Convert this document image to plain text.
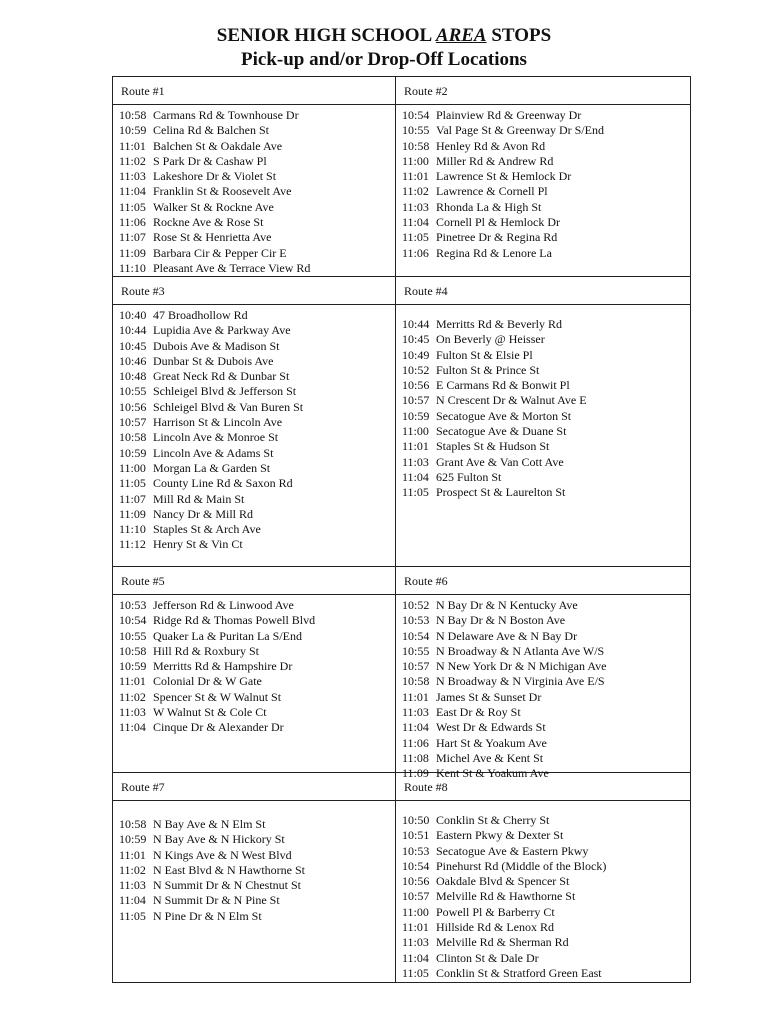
SENIOR HIGH SCHOOL AREA STOPS
Pick-up and/or Drop-Off Locations
Route #1
10:58 Carmans Rd & Townhouse Dr
10:59 Celina Rd & Balchen St
11:01 Balchen St & Oakdale Ave
11:02 S Park Dr & Cashaw Pl
11:03 Lakeshore Dr & Violet St
11:04 Franklin St & Roosevelt Ave
11:05 Walker St & Rockne Ave
11:06 Rockne Ave & Rose St
11:07 Rose St & Henrietta Ave
11:09 Barbara Cir & Pepper Cir E
11:10 Pleasant Ave & Terrace View Rd
Route #2
10:54 Plainview Rd & Greenway Dr
10:55 Val Page St & Greenway Dr S/End
10:58 Henley Rd & Avon Rd
11:00 Miller Rd & Andrew Rd
11:01 Lawrence St & Hemlock Dr
11:02 Lawrence & Cornell Pl
11:03 Rhonda La & High St
11:04 Cornell Pl & Hemlock Dr
11:05 Pinetree Dr & Regina Rd
11:06 Regina Rd & Lenore La
Route #3
10:40 47 Broadhollow Rd
10:44 Lupidia Ave & Parkway Ave
10:45 Dubois Ave & Madison St
10:46 Dunbar St & Dubois Ave
10:48 Great Neck Rd & Dunbar St
10:55 Schleigel Blvd & Jefferson St
10:56 Schleigel Blvd & Van Buren St
10:57 Harrison St & Lincoln Ave
10:58 Lincoln Ave & Monroe St
10:59 Lincoln Ave & Adams St
11:00 Morgan La & Garden St
11:05 County Line Rd & Saxon Rd
11:07 Mill Rd & Main St
11:09 Nancy Dr & Mill Rd
11:10 Staples St & Arch Ave
11:12 Henry St & Vin Ct
Route #4
10:44 Merritts Rd & Beverly Rd
10:45 On Beverly @ Heisser
10:49 Fulton St & Elsie Pl
10:52 Fulton St & Prince St
10:56 E Carmans Rd & Bonwit Pl
10:57 N Crescent Dr & Walnut Ave E
10:59 Secatogue Ave & Morton St
11:00 Secatogue Ave & Duane St
11:01 Staples St & Hudson St
11:03 Grant Ave & Van Cott Ave
11:04 625 Fulton St
11:05 Prospect St & Laurelton St
Route #5
10:53 Jefferson Rd & Linwood Ave
10:54 Ridge Rd & Thomas Powell Blvd
10:55 Quaker La & Puritan La S/End
10:58 Hill Rd & Roxbury St
10:59 Merritts Rd & Hampshire Dr
11:01 Colonial Dr & W Gate
11:02 Spencer St & W Walnut St
11:03 W Walnut St & Cole Ct
11:04 Cinque Dr & Alexander Dr
Route #6
10:52 N Bay Dr & N Kentucky Ave
10:53 N Bay Dr & N Boston Ave
10:54 N Delaware Ave & N Bay Dr
10:55 N Broadway & N Atlanta Ave W/S
10:57 N New York Dr & N Michigan Ave
10:58 N Broadway & N Virginia Ave E/S
11:01 James St & Sunset Dr
11:03 East Dr & Roy St
11:04 West Dr & Edwards St
11:06 Hart St & Yoakum Ave
11:08 Michel Ave & Kent St
11:09 Kent St & Yoakum Ave
Route #7
10:58 N Bay Ave & N Elm St
10:59 N Bay Ave & N Hickory St
11:01 N Kings Ave & N West Blvd
11:02 N East Blvd & N Hawthorne St
11:03 N Summit Dr & N Chestnut St
11:04 N Summit Dr & N Pine St
11:05 N Pine Dr & N Elm St
Route #8
10:50 Conklin St & Cherry St
10:51 Eastern Pkwy & Dexter St
10:53 Secatogue Ave & Eastern Pkwy
10:54 Pinehurst Rd (Middle of the Block)
10:56 Oakdale Blvd & Spencer St
10:57 Melville Rd & Hawthorne St
11:00 Powell Pl & Barberry Ct
11:01 Hillside Rd & Lenox Rd
11:03 Melville Rd & Sherman Rd
11:04 Clinton St & Dale Dr
11:05 Conklin St & Stratford Green East
